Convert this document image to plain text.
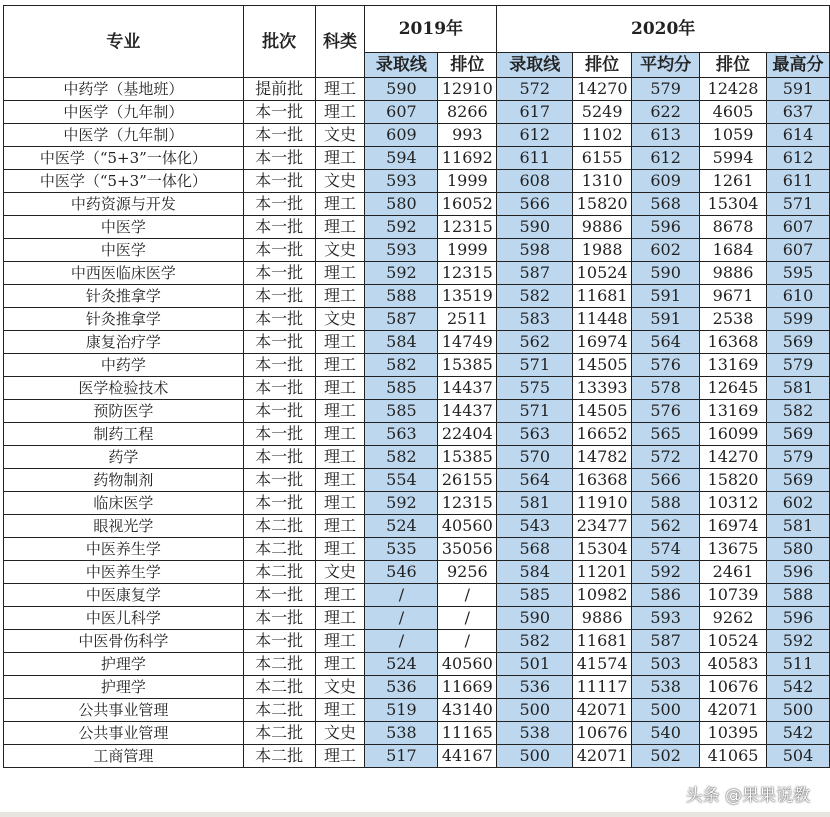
专业	批次	科类	2019年		2020年				
			录取线	排位	录取线	排位	平均分	排位	最高分
中药学（基地班）	提前批	理工	590	12910	572	14270	579	12428	591
中医学（九年制）	本一批	理工	607	8266	617	5249	622	4605	637
中医学（九年制）	本一批	文史	609	993	612	1102	613	1059	614
中医学（“5+3”一体化）	本一批	理工	594	11692	611	6155	612	5994	612
中医学（“5+3”一体化）	本一批	文史	593	1999	608	1310	609	1261	611
中药资源与开发	本一批	理工	580	16052	566	15820	568	15304	571
中医学	本一批	理工	592	12315	590	9886	596	8678	607
中医学	本一批	文史	593	1999	598	1988	602	1684	607
中西医临床医学	本一批	理工	592	12315	587	10524	590	9886	595
针灸推拿学	本一批	理工	588	13519	582	11681	591	9671	610
针灸推拿学	本一批	文史	587	2511	583	11448	591	2538	599
康复治疗学	本一批	理工	584	14749	562	16974	564	16368	569
中药学	本一批	理工	582	15385	571	14505	576	13169	579
医学检验技术	本一批	理工	585	14437	575	13393	578	12645	581
预防医学	本一批	理工	585	14437	571	14505	576	13169	582
制药工程	本一批	理工	563	22404	563	16652	565	16099	569
药学	本一批	理工	582	15385	570	14782	572	14270	579
药物制剂	本一批	理工	554	26155	564	16368	566	15820	569
临床医学	本一批	理工	592	12315	581	11910	588	10312	602
眼视光学	本二批	理工	524	40560	543	23477	562	16974	581
中医养生学	本二批	理工	535	35056	568	15304	574	13675	580
中医养生学	本二批	文史	546	9256	584	11201	592	2461	596
中医康复学	本一批	理工	/	/	585	10982	586	10739	588
中医儿科学	本一批	理工	/	/	590	9886	593	9262	596
中医骨伤科学	本一批	理工	/	/	582	11681	587	10524	592
护理学	本二批	理工	524	40560	501	41574	503	40583	511
护理学	本二批	文史	536	11669	536	11117	538	10676	542
公共事业管理	本二批	理工	519	43140	500	42071	500	42071	500
公共事业管理	本二批	文史	538	11165	538	10676	540	10395	542
工商管理	本二批	理工	517	44167	500	42071	502	41065	504
头条 @果果说教
